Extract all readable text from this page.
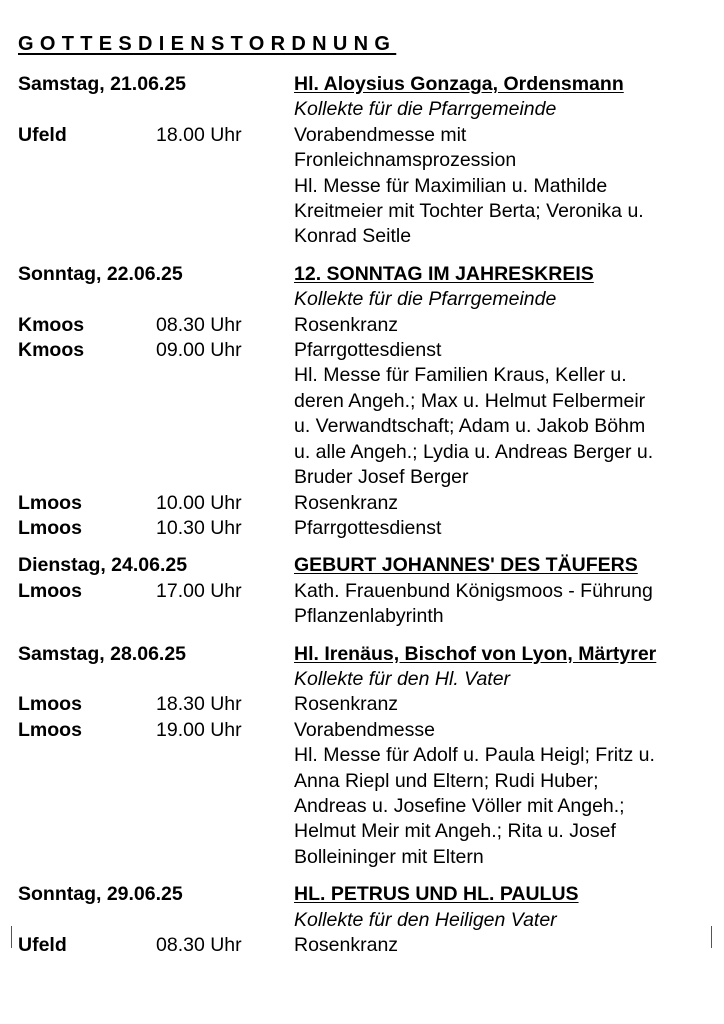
GOTTESDIENSTORDNUNG
Samstag, 21.06.25	Hl. Aloysius Gonzaga, Ordensmann
Kollekte für die Pfarrgemeinde
Ufeld	18.00 Uhr	Vorabendmesse mit
Fronleichnamsprozession
Hl. Messe für Maximilian u. Mathilde
Kreitmeier mit Tochter Berta; Veronika u.
Konrad Seitle
Sonntag, 22.06.25	12. SONNTAG IM JAHRESKREIS
Kollekte für die Pfarrgemeinde
Kmoos	08.30 Uhr	Rosenkranz
Kmoos	09.00 Uhr	Pfarrgottesdienst
Hl. Messe für Familien Kraus, Keller u.
deren Angeh.; Max u. Helmut Felbermeir
u. Verwandtschaft; Adam u. Jakob Böhm
u. alle Angeh.; Lydia u. Andreas Berger u.
Bruder Josef Berger
Lmoos	10.00 Uhr	Rosenkranz
Lmoos	10.30 Uhr	Pfarrgottesdienst
Dienstag, 24.06.25	GEBURT JOHANNES' DES TÄUFERS
Lmoos	17.00 Uhr	Kath. Frauenbund Königsmoos - Führung
Pflanzenlabyrinth
Samstag, 28.06.25	Hl. Irenäus, Bischof von Lyon, Märtyrer
Kollekte für den Hl. Vater
Lmoos	18.30 Uhr	Rosenkranz
Lmoos	19.00 Uhr	Vorabendmesse
Hl. Messe für Adolf u. Paula Heigl; Fritz u.
Anna Riepl und Eltern; Rudi Huber;
Andreas u. Josefine Völler mit Angeh.;
Helmut Meir mit Angeh.; Rita u. Josef
Bolleininger mit Eltern
Sonntag, 29.06.25	HL. PETRUS UND HL. PAULUS
Kollekte für den Heiligen Vater
Ufeld	08.30 Uhr	Rosenkranz
